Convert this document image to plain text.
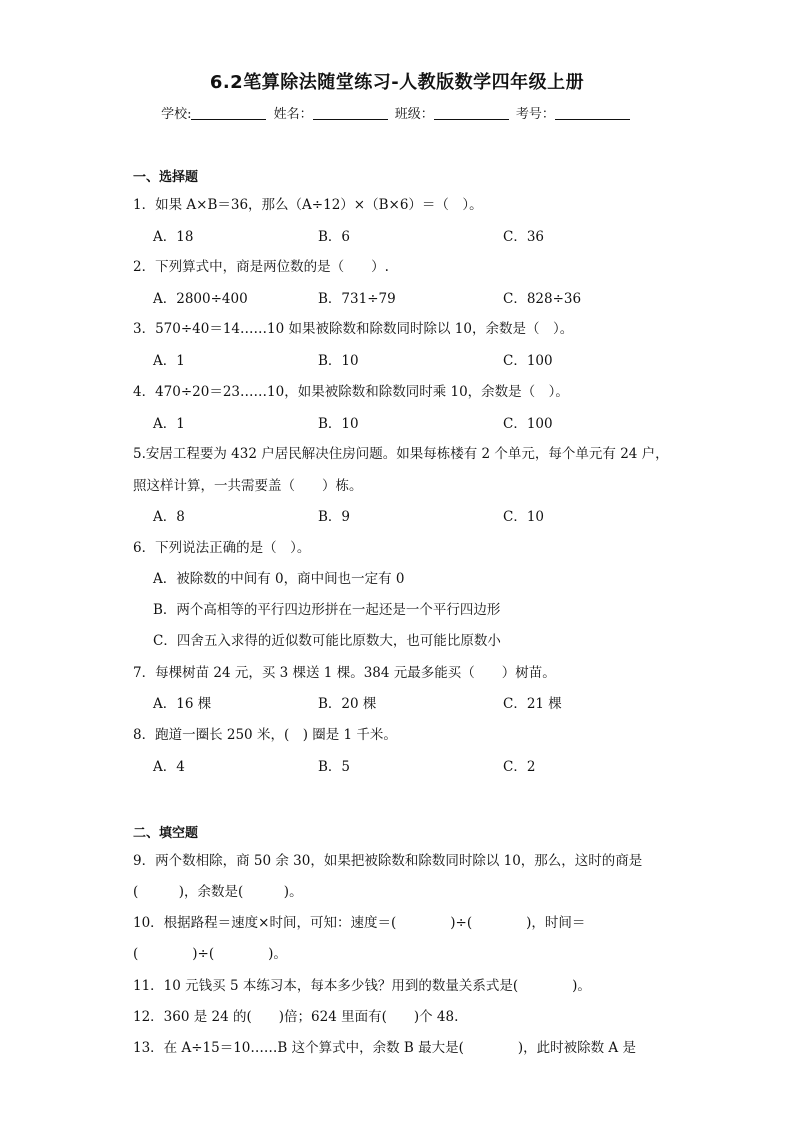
6.2笔算除法随堂练习-人教版数学四年级上册
学校:	姓名：	班级：	考号：
一、选择题
1．如果 A×B＝36，那么（A÷12）×（B×6）＝（　）。
A．18	B．6	C．36
2．下列算式中，商是两位数的是（　　）.
A．2800÷400	B．731÷79	C．828÷36
3．570÷40＝14……10 如果被除数和除数同时除以 10，余数是（　）。
A．1	B．10	C．100
4．470÷20＝23……10，如果被除数和除数同时乘 10，余数是（　）。
A．1	B．10	C．100
5.安居工程要为 432 户居民解决住房问题。如果每栋楼有 2 个单元，每个单元有 24 户，
照这样计算，一共需要盖（　　）栋。
A．8	B．9	C．10
6．下列说法正确的是（　）。
A．被除数的中间有 0，商中间也一定有 0
B．两个高相等的平行四边形拼在一起还是一个平行四边形
C．四舍五入求得的近似数可能比原数大，也可能比原数小
7．每棵树苗 24 元，买 3 棵送 1 棵。384 元最多能买（　　）树苗。
A．16 棵	B．20 棵	C．21 棵
8．跑道一圈长 250 米，(　) 圈是 1 千米。
A．4	B．5	C．2
二、填空题
9．两个数相除，商 50 余 30，如果把被除数和除数同时除以 10，那么，这时的商是
(　　　)，余数是(　　　)。
10．根据路程＝速度×时间，可知：速度＝(　　　　)÷(　　　　)，时间＝
(　　　　)÷(　　　　)。
11．10 元钱买 5 本练习本，每本多少钱？用到的数量关系式是(　　　　)。
12．360 是 24 的(　　)倍；624 里面有(　　)个 48.
13．在 A÷15＝10……B 这个算式中，余数 B 最大是(　　　　)，此时被除数 A 是
